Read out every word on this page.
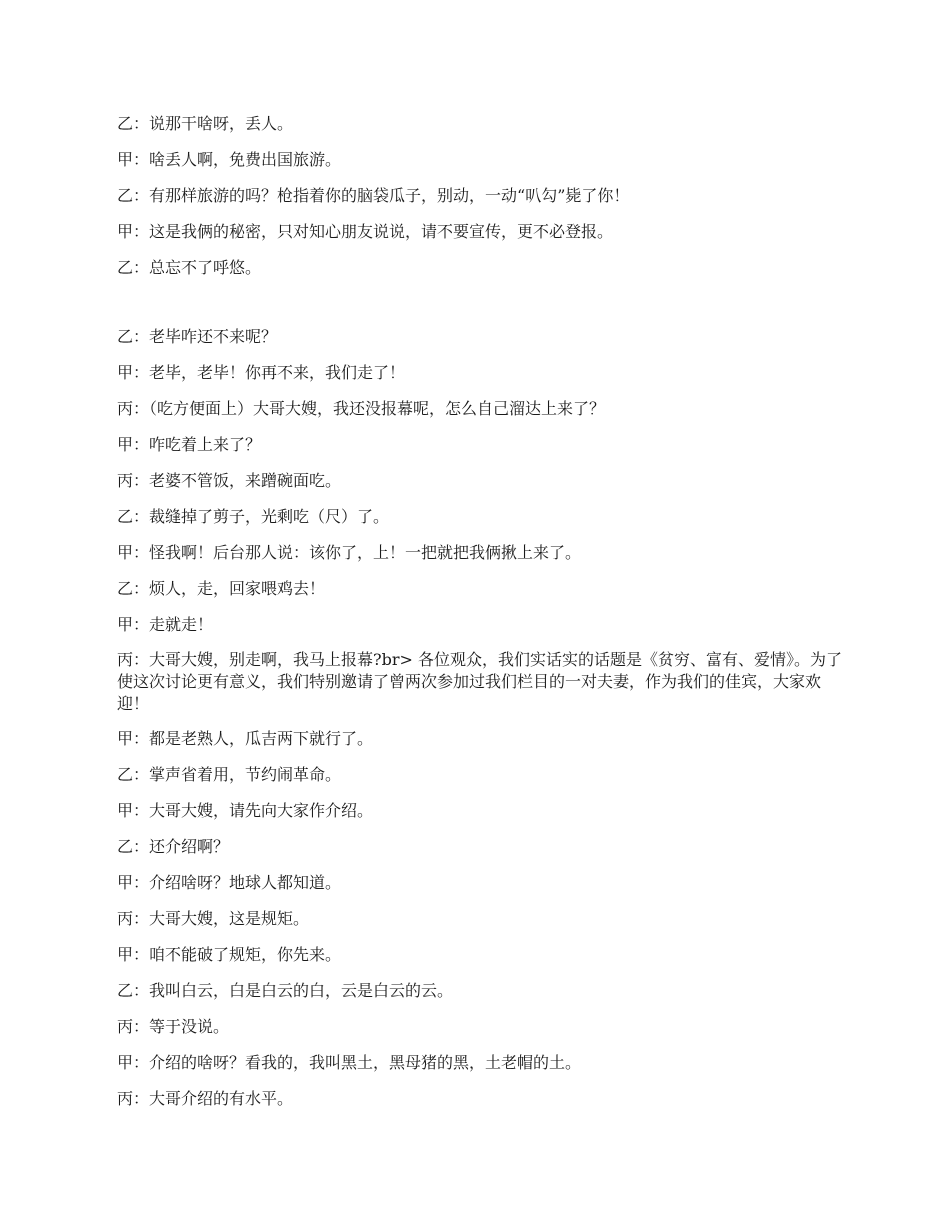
乙：说那干啥呀，丢人。

甲：啥丢人啊，免费出国旅游。

乙：有那样旅游的吗？枪指着你的脑袋瓜子，别动，一动“叭勾”毙了你！

甲：这是我俩的秘密，只对知心朋友说说，请不要宣传，更不必登报。

乙：总忘不了呼悠。

乙：老毕咋还不来呢？

甲：老毕，老毕！你再不来，我们走了！

丙：（吃方便面上）大哥大嫂，我还没报幕呢，怎么自己溜达上来了？

甲：咋吃着上来了？

丙：老婆不管饭，来蹭碗面吃。

乙：裁缝掉了剪子，光剩吃（尺）了。

甲：怪我啊！后台那人说：该你了，上！一把就把我俩揪上来了。

乙：烦人，走，回家喂鸡去！

甲：走就走！

丙：大哥大嫂，别走啊，我马上报幕?br> 各位观众，我们实话实的话题是《贫穷、富有、爱情》。为了使这次讨论更有意义，我们特别邀请了曾两次参加过我们栏目的一对夫妻，作为我们的佳宾，大家欢迎！

甲：都是老熟人，瓜吉两下就行了。

乙：掌声省着用，节约闹革命。

甲：大哥大嫂，请先向大家作介绍。

乙：还介绍啊？

甲：介绍啥呀？地球人都知道。

丙：大哥大嫂，这是规矩。

甲：咱不能破了规矩，你先来。

乙：我叫白云，白是白云的白，云是白云的云。

丙：等于没说。

甲：介绍的啥呀？看我的，我叫黑土，黑母猪的黑，土老帽的土。

丙：大哥介绍的有水平。
